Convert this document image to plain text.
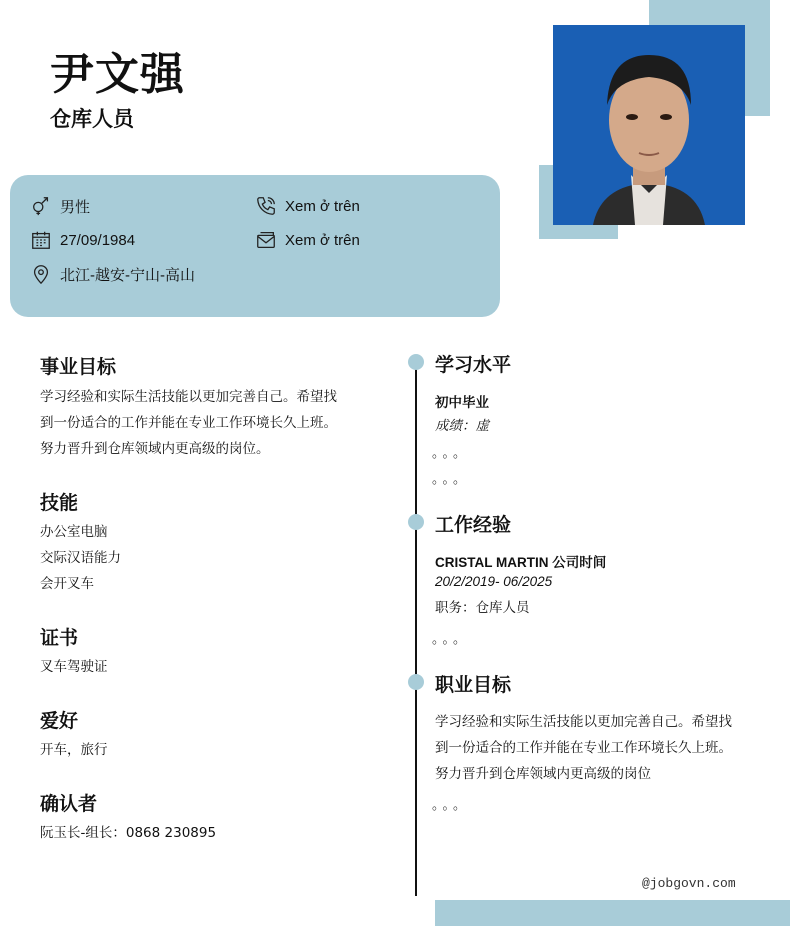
尹文强
仓库人员
男性
27/09/1984
北江-越安-宁山-高山
Xem ở trên
Xem ở trên
事业目标
学习经验和实际生活技能以更加完善自己。希望找
到一份适合的工作并能在专业工作环境长久上班。
努力晋升到仓库领域内更高级的岗位。
技能
办公室电脑
交际汉语能力
会开叉车
证书
叉车驾驶证
爱好
开车，旅行
确认者
阮玉长-组长：0868 230895
学习水平
初中毕业
成绩：虚
。。。
。。。
工作经验
CRISTAL MARTIN 公司时间
20/2/2019- 06/2025
职务：仓库人员
。。。
职业目标
学习经验和实际生活技能以更加完善自己。希望找
到一份适合的工作并能在专业工作环境长久上班。
努力晋升到仓库领域内更高级的岗位
。。。
@jobgovn.com
